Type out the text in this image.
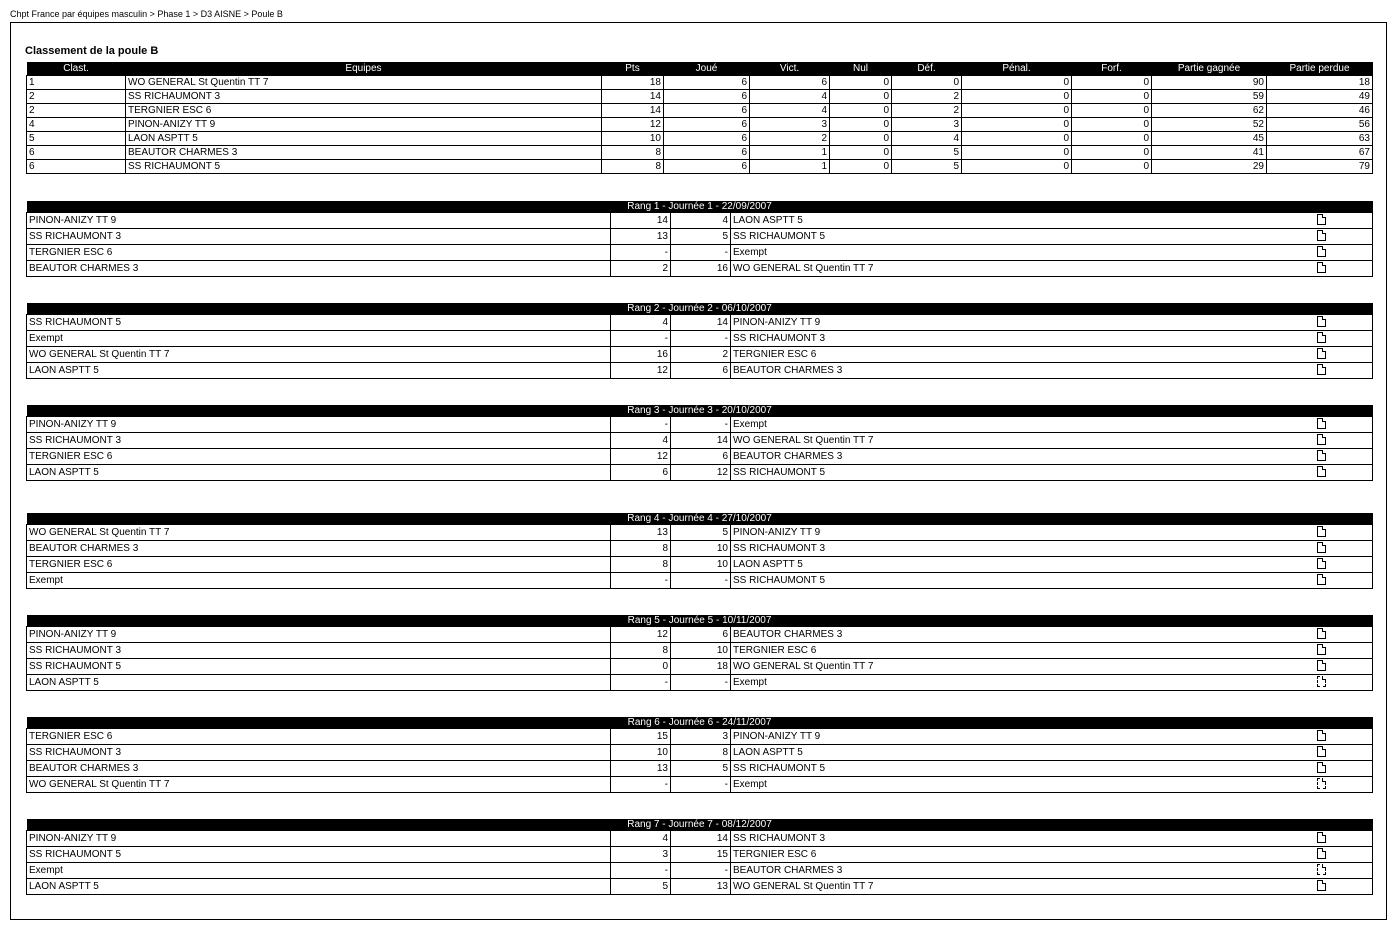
Chpt France par équipes masculin > Phase 1 > D3 AISNE > Poule B
Classement de la poule B
Clast.	Equipes	Pts	Joué	Vict.	Nul	Déf.	Pénal.	Forf.	Partie gagnée	Partie perdue
1	WO GENERAL St Quentin TT 7	18	6	6	0	0	0	0	90	18
2	SS RICHAUMONT 3	14	6	4	0	2	0	0	59	49
2	TERGNIER ESC 6	14	6	4	0	2	0	0	62	46
4	PINON-ANIZY TT 9	12	6	3	0	3	0	0	52	56
5	LAON ASPTT 5	10	6	2	0	4	0	0	45	63
6	BEAUTOR CHARMES 3	8	6	1	0	5	0	0	41	67
6	SS RICHAUMONT 5	8	6	1	0	5	0	0	29	79
Rang 1 - Journée 1 - 22/09/2007				
PINON-ANIZY TT 9	14	4	LAON ASPTT 5	
SS RICHAUMONT 3	13	5	SS RICHAUMONT 5	
TERGNIER ESC 6	-	-	Exempt	
BEAUTOR CHARMES 3	2	16	WO GENERAL St Quentin TT 7	
Rang 2 - Journée 2 - 06/10/2007				
SS RICHAUMONT 5	4	14	PINON-ANIZY TT 9	
Exempt	-	-	SS RICHAUMONT 3	
WO GENERAL St Quentin TT 7	16	2	TERGNIER ESC 6	
LAON ASPTT 5	12	6	BEAUTOR CHARMES 3	
Rang 3 - Journée 3 - 20/10/2007				
PINON-ANIZY TT 9	-	-	Exempt	
SS RICHAUMONT 3	4	14	WO GENERAL St Quentin TT 7	
TERGNIER ESC 6	12	6	BEAUTOR CHARMES 3	
LAON ASPTT 5	6	12	SS RICHAUMONT 5	
Rang 4 - Journée 4 - 27/10/2007				
WO GENERAL St Quentin TT 7	13	5	PINON-ANIZY TT 9	
BEAUTOR CHARMES 3	8	10	SS RICHAUMONT 3	
TERGNIER ESC 6	8	10	LAON ASPTT 5	
Exempt	-	-	SS RICHAUMONT 5	
Rang 5 - Journée 5 - 10/11/2007				
PINON-ANIZY TT 9	12	6	BEAUTOR CHARMES 3	
SS RICHAUMONT 3	8	10	TERGNIER ESC 6	
SS RICHAUMONT 5	0	18	WO GENERAL St Quentin TT 7	
LAON ASPTT 5	-	-	Exempt	
Rang 6 - Journée 6 - 24/11/2007				
TERGNIER ESC 6	15	3	PINON-ANIZY TT 9	
SS RICHAUMONT 3	10	8	LAON ASPTT 5	
BEAUTOR CHARMES 3	13	5	SS RICHAUMONT 5	
WO GENERAL St Quentin TT 7	-	-	Exempt	
Rang 7 - Journée 7 - 08/12/2007				
PINON-ANIZY TT 9	4	14	SS RICHAUMONT 3	
SS RICHAUMONT 5	3	15	TERGNIER ESC 6	
Exempt	-	-	BEAUTOR CHARMES 3	
LAON ASPTT 5	5	13	WO GENERAL St Quentin TT 7	
